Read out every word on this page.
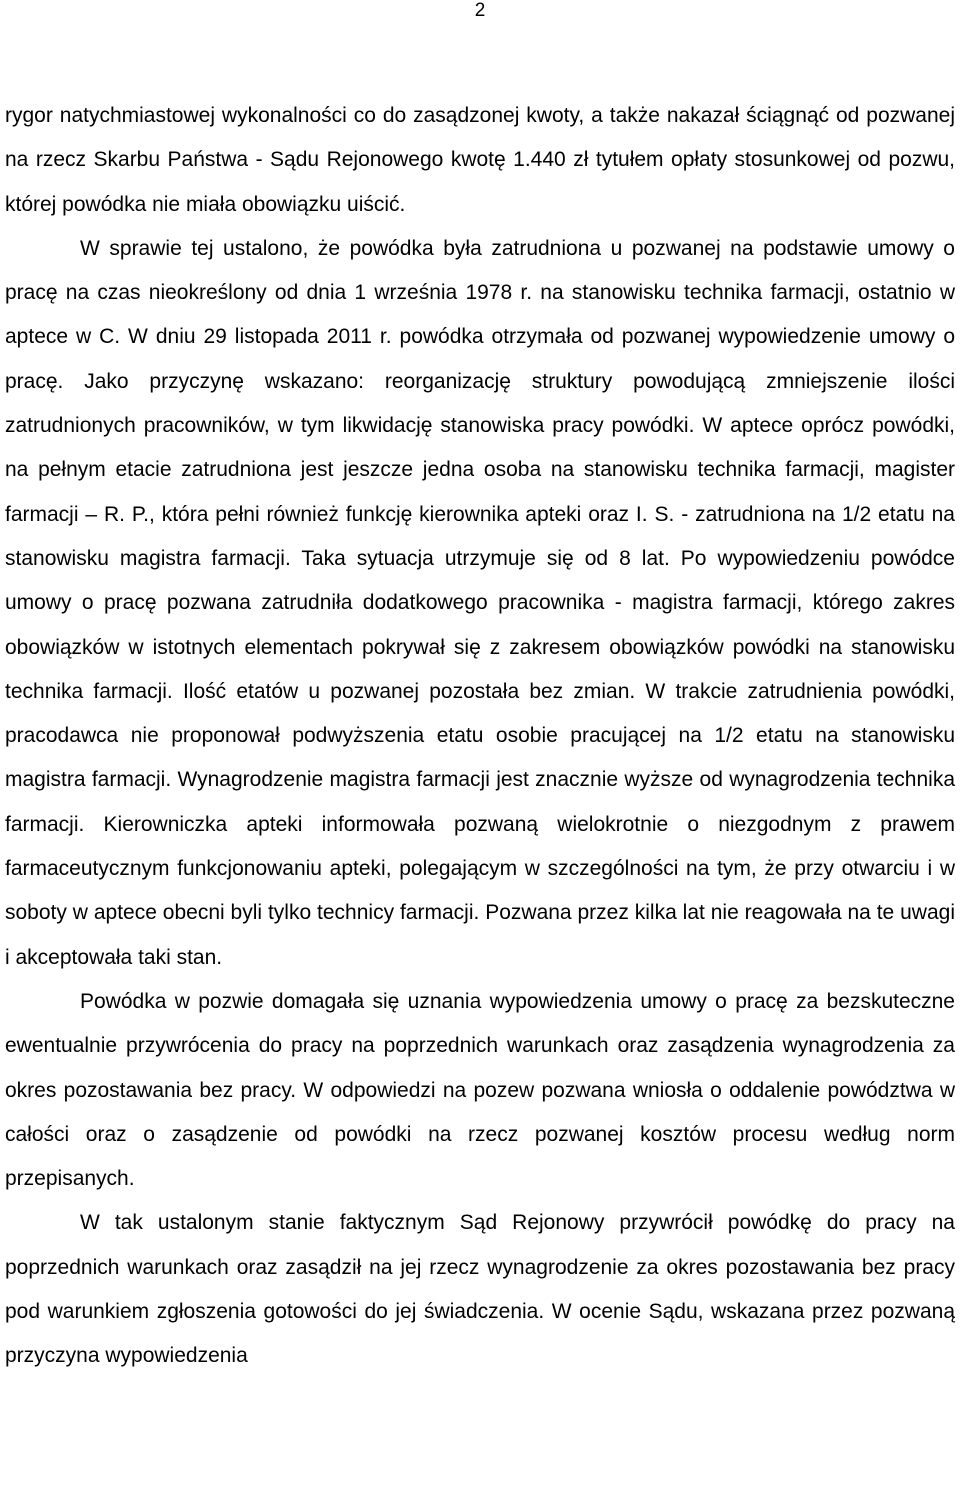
2

rygor natychmiastowej wykonalności co do zasądzonej kwoty, a także nakazał ściągnąć od pozwanej na rzecz Skarbu Państwa - Sądu Rejonowego kwotę 1.440 zł tytułem opłaty stosunkowej od pozwu, której powódka nie miała obowiązku uiścić.

W sprawie tej ustalono, że powódka była zatrudniona u pozwanej na podstawie umowy o pracę na czas nieokreślony od dnia 1 września 1978 r. na stanowisku technika farmacji, ostatnio w aptece w C. W dniu 29 listopada 2011 r. powódka otrzymała od pozwanej wypowiedzenie umowy o pracę. Jako przyczynę wskazano: reorganizację struktury powodującą zmniejszenie ilości zatrudnionych pracowników, w tym likwidację stanowiska pracy powódki. W aptece oprócz powódki, na pełnym etacie zatrudniona jest jeszcze jedna osoba na stanowisku technika farmacji, magister farmacji – R. P., która pełni również funkcję kierownika apteki oraz I. S. - zatrudniona na 1/2 etatu na stanowisku magistra farmacji. Taka sytuacja utrzymuje się od 8 lat. Po wypowiedzeniu powódce umowy o pracę pozwana zatrudniła dodatkowego pracownika - magistra farmacji, którego zakres obowiązków w istotnych elementach pokrywał się z zakresem obowiązków powódki na stanowisku technika farmacji. Ilość etatów u pozwanej pozostała bez zmian. W trakcie zatrudnienia powódki, pracodawca nie proponował podwyższenia etatu osobie pracującej na 1/2 etatu na stanowisku magistra farmacji. Wynagrodzenie magistra farmacji jest znacznie wyższe od wynagrodzenia technika farmacji. Kierowniczka apteki informowała pozwaną wielokrotnie o niezgodnym z prawem farmaceutycznym funkcjonowaniu apteki, polegającym w szczególności na tym, że przy otwarciu i w soboty w aptece obecni byli tylko technicy farmacji. Pozwana przez kilka lat nie reagowała na te uwagi i akceptowała taki stan.

Powódka w pozwie domagała się uznania wypowiedzenia umowy o pracę za bezskuteczne ewentualnie przywrócenia do pracy na poprzednich warunkach oraz zasądzenia wynagrodzenia za okres pozostawania bez pracy. W odpowiedzi na pozew pozwana wniosła o oddalenie powództwa w całości oraz o zasądzenie od powódki na rzecz pozwanej kosztów procesu według norm przepisanych.

W tak ustalonym stanie faktycznym Sąd Rejonowy przywrócił powódkę do pracy na poprzednich warunkach oraz zasądził na jej rzecz wynagrodzenie za okres pozostawania bez pracy pod warunkiem zgłoszenia gotowości do jej świadczenia. W ocenie Sądu, wskazana przez pozwaną przyczyna wypowiedzenia
